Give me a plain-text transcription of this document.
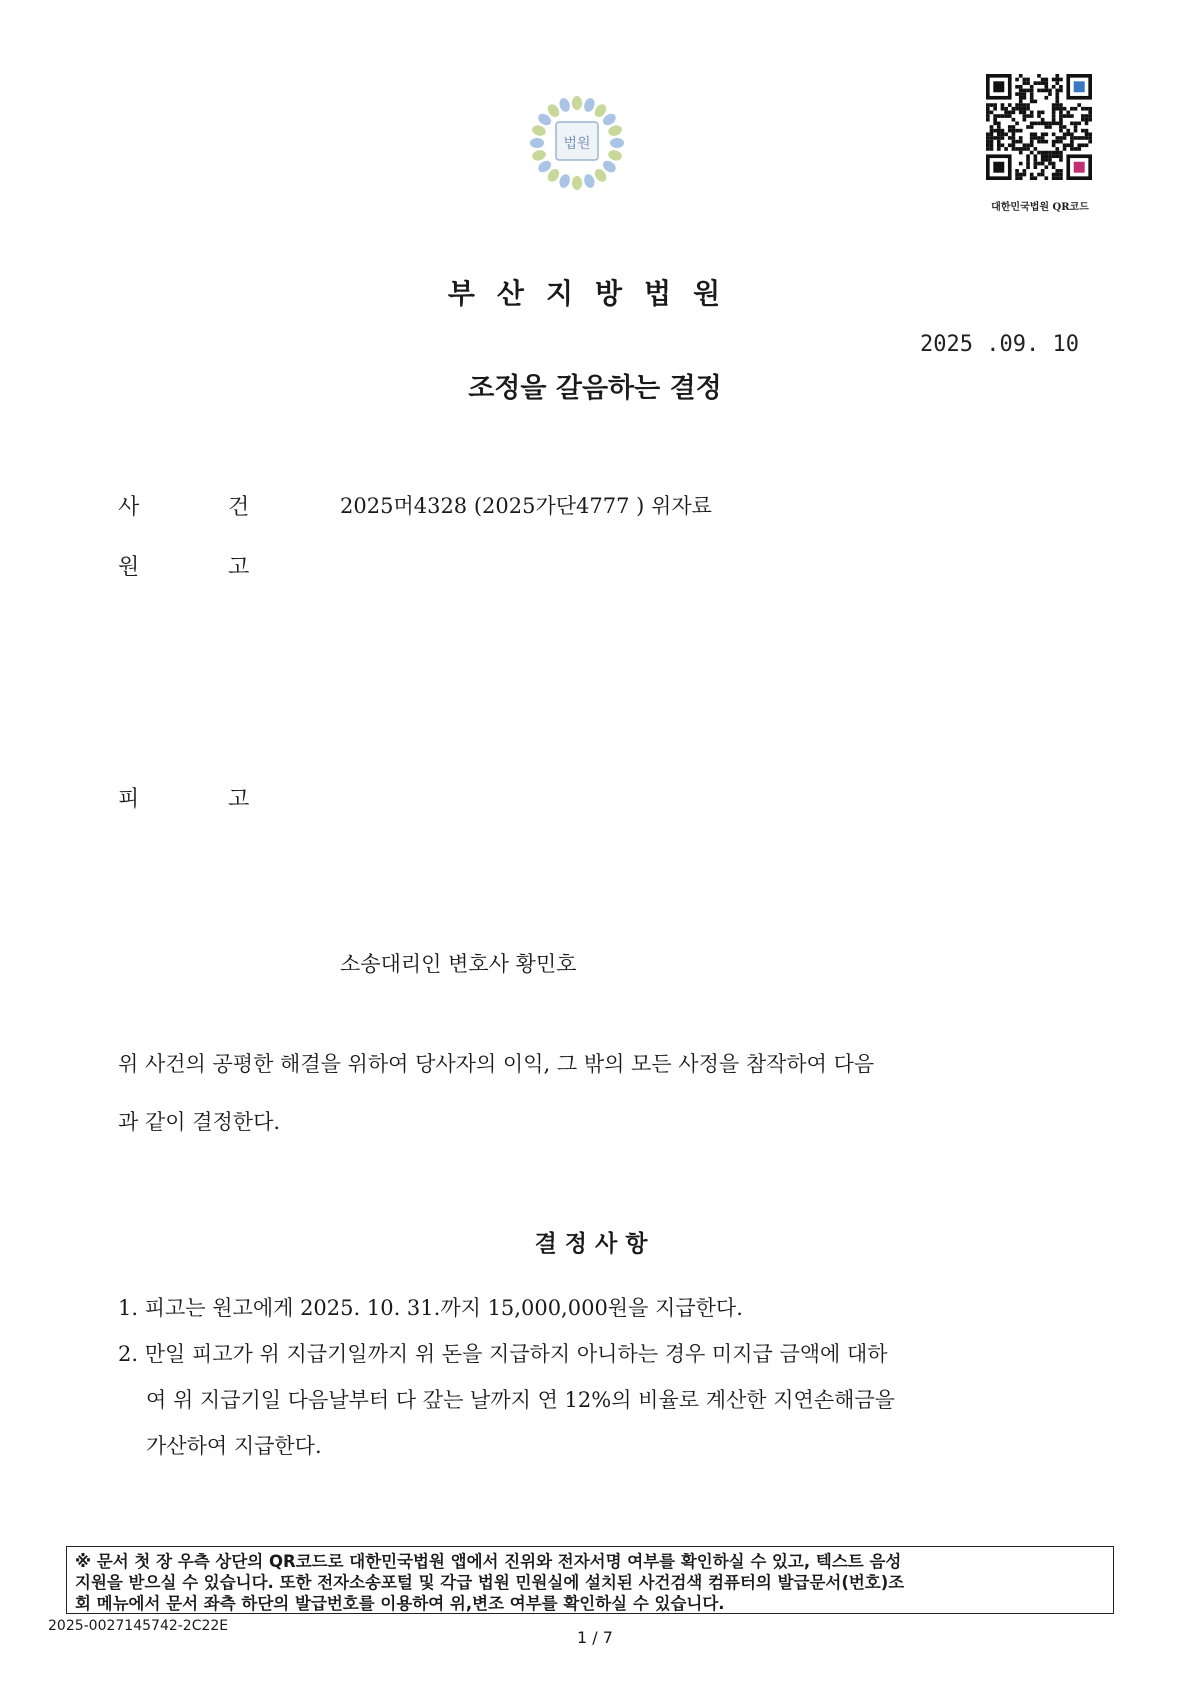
법원
대한민국법원 QR코드
부산지방법원
2025 .09. 10
조정을 갈음하는 결정
사	건	2025머4328 (2025가단4777 ) 위자료
원	고
피	고
소송대리인 변호사 황민호
위 사건의 공평한 해결을 위하여 당사자의 이익, 그 밖의 모든 사정을 참작하여 다음
과 같이 결정한다.
결정사항
1. 피고는 원고에게 2025. 10. 31.까지 15,000,000원을 지급한다.
2. 만일 피고가 위 지급기일까지 위 돈을 지급하지 아니하는 경우 미지급 금액에 대하
여 위 지급기일 다음날부터 다 갚는 날까지 연 12%의 비율로 계산한 지연손해금을
가산하여 지급한다.
※ 문서 첫 장 우측 상단의 QR코드로 대한민국법원 앱에서 진위와 전자서명 여부를 확인하실 수 있고, 텍스트 음성
지원을 받으실 수 있습니다. 또한 전자소송포털 및 각급 법원 민원실에 설치된 사건검색 컴퓨터의 발급문서(번호)조
회 메뉴에서 문서 좌측 하단의 발급번호를 이용하여 위,변조 여부를 확인하실 수 있습니다.
2025-0027145742-2C22E
1 / 7
